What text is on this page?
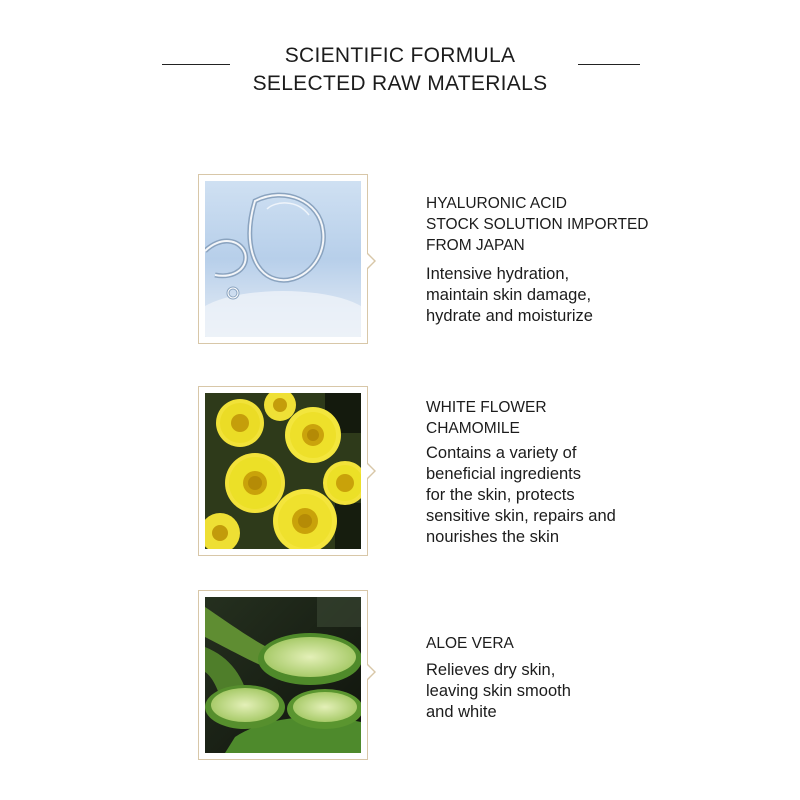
SCIENTIFIC FORMULA
SELECTED RAW MATERIALS
HYALURONIC ACID
STOCK SOLUTION IMPORTED
FROM JAPAN
Intensive hydration,
maintain skin damage,
hydrate and moisturize
WHITE FLOWER
CHAMOMILE
Contains a variety of
beneficial ingredients
for the skin, protects
sensitive skin, repairs and
nourishes the skin
ALOE VERA
Relieves dry skin,
leaving skin smooth
and white
